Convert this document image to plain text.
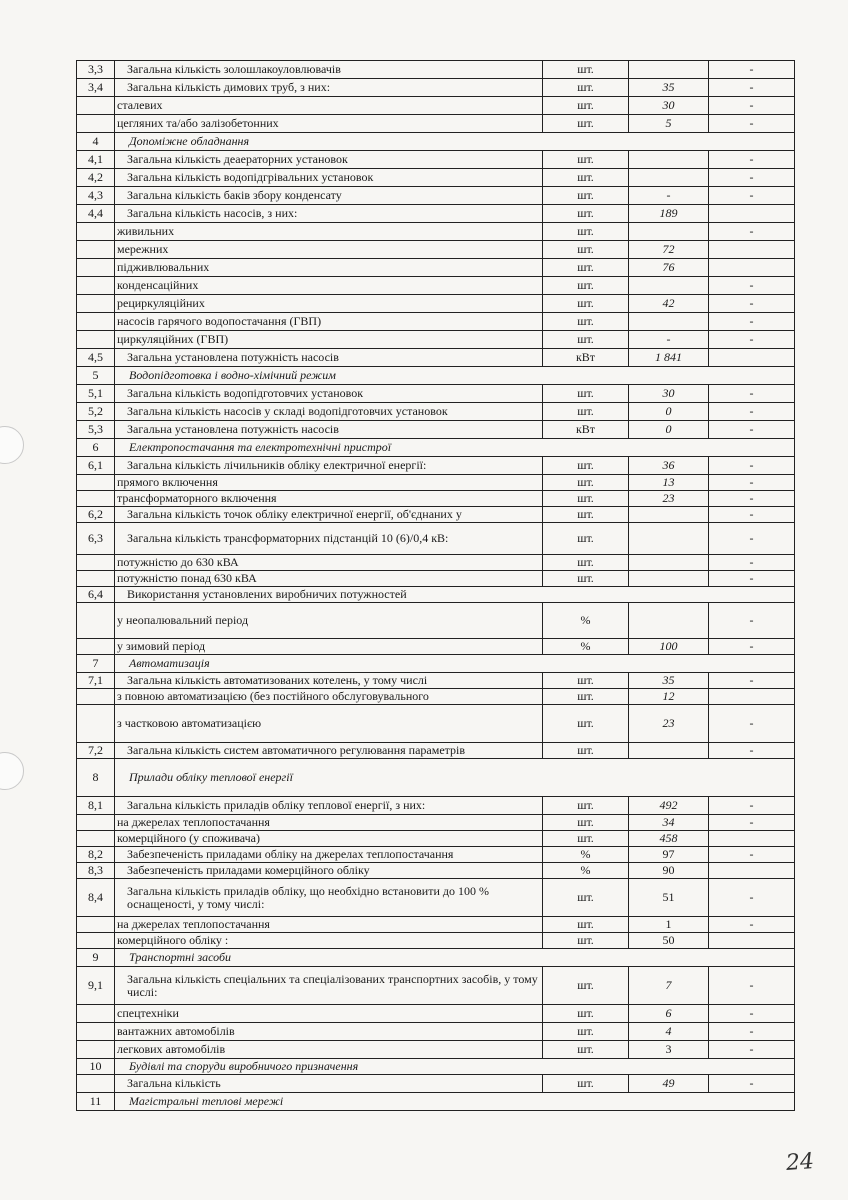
3,3	Загальна кількість золошлакоуловлювачів	шт.		-
3,4	Загальна кількість димових труб, з них:	шт.	35	-
	сталевих	шт.	30	-
	цегляних та/або залізобетонних	шт.	5	-
4	Допоміжне обладнання			
4,1	Загальна кількість деаераторних установок	шт.		-
4,2	Загальна кількість водопідгрівальних установок	шт.		-
4,3	Загальна кількість баків збору конденсату	шт.	-	-
4,4	Загальна кількість насосів, з них:	шт.	189	
	живильних	шт.		-
	мережних	шт.	72	
	підживлювальних	шт.	76	
	конденсаційних	шт.		-
	рециркуляційних	шт.	42	-
	насосів гарячого водопостачання (ГВП)	шт.		-
	циркуляційних (ГВП)	шт.	-	-
4,5	Загальна установлена потужність насосів	кВт	1 841	
5	Водопідготовка і водно-хімічний режим			
5,1	Загальна кількість водопідготовчих установок	шт.	30	-
5,2	Загальна кількість насосів у складі водопідготовчих установок	шт.	0	-
5,3	Загальна установлена потужність насосів	кВт	0	-
6	Електропостачання та електротехнічні пристрої			
6,1	Загальна кількість лічильників обліку електричної енергії:	шт.	36	-
	прямого включення	шт.	13	-
	трансформаторного включення	шт.	23	-
6,2	Загальна кількість точок обліку електричної енергії, об'єднаних у	шт.		-
6,3	Загальна кількість трансформаторних підстанцій 10 (6)/0,4 кВ:	шт.		-
	потужністю до 630 кВА	шт.		-
	потужністю понад 630 кВА	шт.		-
6,4	Використання установлених виробничих потужностей			
	у неопалювальний період	%		-
	у зимовий період	%	100	-
7	Автоматизація			
7,1	Загальна кількість автоматизованих котелень, у тому числі	шт.	35	-
	з повною автоматизацією (без постійного обслуговувального	шт.	12	
	з частковою автоматизацією	шт.	23	-
7,2	Загальна кількість систем автоматичного регулювання параметрів	шт.		-
8	Прилади обліку теплової енергії			
8,1	Загальна кількість приладів обліку теплової енергії, з них:	шт.	492	-
	на джерелах теплопостачання	шт.	34	-
	комерційного (у споживача)	шт.	458	
8,2	Забезпеченість приладами обліку на джерелах теплопостачання	%	97	-
8,3	Забезпеченість приладами комерційного обліку	%	90	
8,4	Загальна кількість приладів обліку, що необхідно встановити до 100 % оснащеності, у тому числі:	шт.	51	-
	на джерелах теплопостачання	шт.	1	-
	комерційного обліку :	шт.	50	
9	Транспортні засоби			
9,1	Загальна кількість спеціальних та спеціалізованих транспортних засобів, у тому числі:	шт.	7	-
	спецтехніки	шт.	6	-
	вантажних автомобілів	шт.	4	-
	легкових автомобілів	шт.	3	-
10	Будівлі та споруди виробничого призначення			
	Загальна кількість	шт.	49	-
11	Магістральні теплові мережі			
24
